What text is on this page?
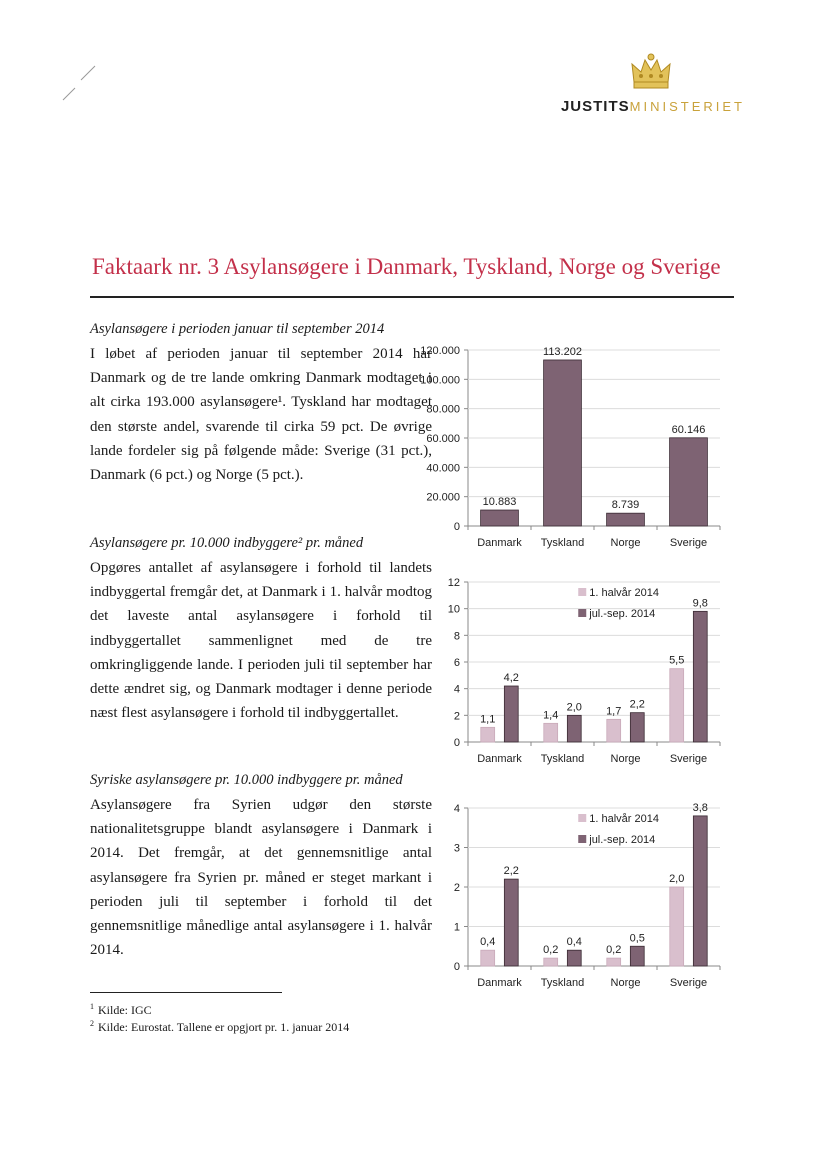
JUSTITSMINISTERIET
Faktaark nr. 3 Asylansøgere i Danmark, Tyskland, Norge og Sverige
Asylansøgere i perioden januar til september 2014

I løbet af perioden januar til september 2014 har Danmark og de tre lande omkring Danmark modtaget i alt cirka 193.000 asylansøgere¹. Tyskland har modtaget den største andel, svarende til cirka 59 pct. De øvrige lande fordeler sig på følgende måde: Sverige (31 pct.), Danmark (6 pct.) og Norge (5 pct.).

Asylansøgere pr. 10.000 indbyggere² pr. måned

Opgøres antallet af asylansøgere i forhold til landets indbyggertal fremgår det, at Danmark i 1. halvår modtog det laveste antal asylansøgere i forhold til indbyggertallet sammenlignet med de tre omkringliggende lande. I perioden juli til september har dette ændret sig, og Danmark modtager i denne periode næst flest asylansøgere i forhold til indbyggertallet.

Syriske asylansøgere pr. 10.000 indbyggere pr. måned

Asylansøgere fra Syrien udgør den største nationalitetsgruppe blandt asylansøgere i Danmark i 2014. Det fremgår, at det gennemsnitlige antal asylansøgere fra Syrien pr. måned er steget markant i perioden juli til september i forhold til det gennemsnitlige månedlige antal asylansøgere i 1. halvår 2014.

0
20.000
40.000
60.000
80.000
100.000
120.000
Danmark Tyskland Norge	Sverige
10.883
113.202
8.739
60.146
0
2
4
6
8
10
12
Danmark Tyskland Norge	Sverige
1,1	1,4	1,7
5,5
4,2
2,0	2,2
9,8
1. halvår 2014
jul.-sep. 2014
0
1
2
3
4
Danmark Tyskland Norge	Sverige
0,4
0,2	0,2
2,0
2,2
0,4	0,5
3,8
1. halvår 2014
jul.-sep. 2014
$^1$ Kilde: IGC
$^2$ Kilde: Eurostat. Tallene er opgjort pr. 1. januar 2014
